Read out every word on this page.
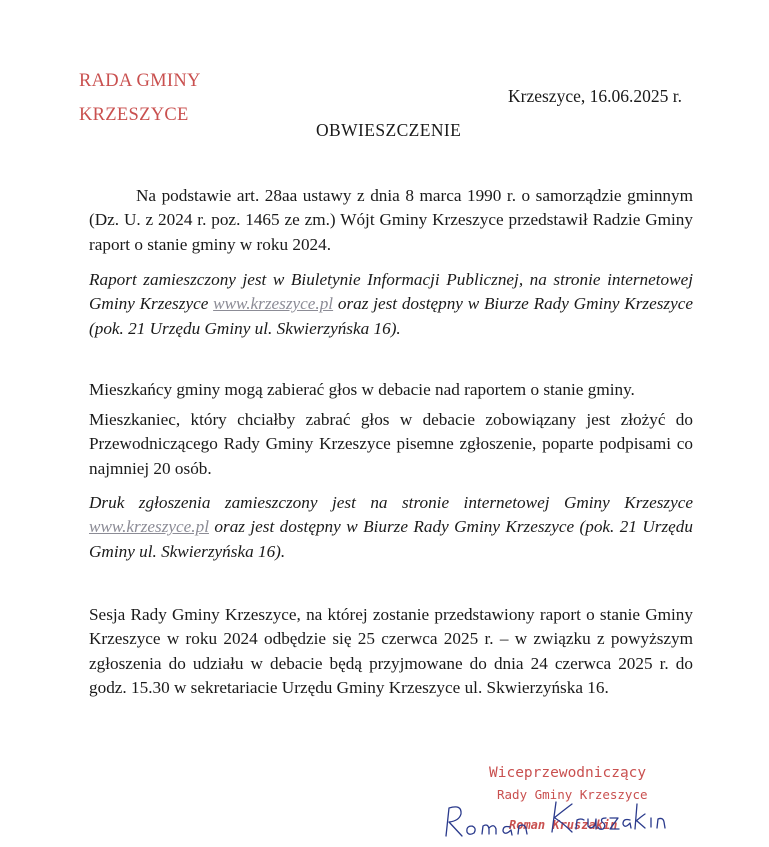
RADA GMINY
KRZESZYCE
Krzeszyce, 16.06.2025 r.
OBWIESZCZENIE
Na podstawie art. 28aa ustawy z dnia 8 marca 1990 r. o samorządzie gminnym (Dz. U. z 2024 r. poz. 1465 ze zm.) Wójt Gminy Krzeszyce przedstawił Radzie Gminy raport o stanie gminy w roku 2024.
Raport zamieszczony jest w Biuletynie Informacji Publicznej, na stronie internetowej Gminy Krzeszyce www.krzeszyce.pl oraz jest dostępny w Biurze Rady Gminy Krzeszyce (pok. 21 Urzędu Gminy ul. Skwierzyńska 16).
Mieszkańcy gminy mogą zabierać głos w debacie nad raportem o stanie gminy.
Mieszkaniec, który chciałby zabrać głos w debacie zobowiązany jest złożyć do Przewodniczącego Rady Gminy Krzeszyce pisemne zgłoszenie, poparte podpisami co najmniej 20 osób.
Druk zgłoszenia zamieszczony jest na stronie internetowej Gminy Krzeszyce www.krzeszyce.pl oraz jest dostępny w Biurze Rady Gminy Krzeszyce (pok. 21 Urzędu Gminy ul. Skwierzyńska 16).
Sesja Rady Gminy Krzeszyce, na której zostanie przedstawiony raport o stanie Gminy Krzeszyce w roku 2024 odbędzie się 25 czerwca 2025 r. – w związku z powyższym zgłoszenia do udziału w debacie będą przyjmowane do dnia 24 czerwca 2025 r. do godz. 15.30 w sekretariacie Urzędu Gminy Krzeszyce ul. Skwierzyńska 16.
Wiceprzewodniczący
Rady Gminy Krzeszyce
Roman Kruszakin
